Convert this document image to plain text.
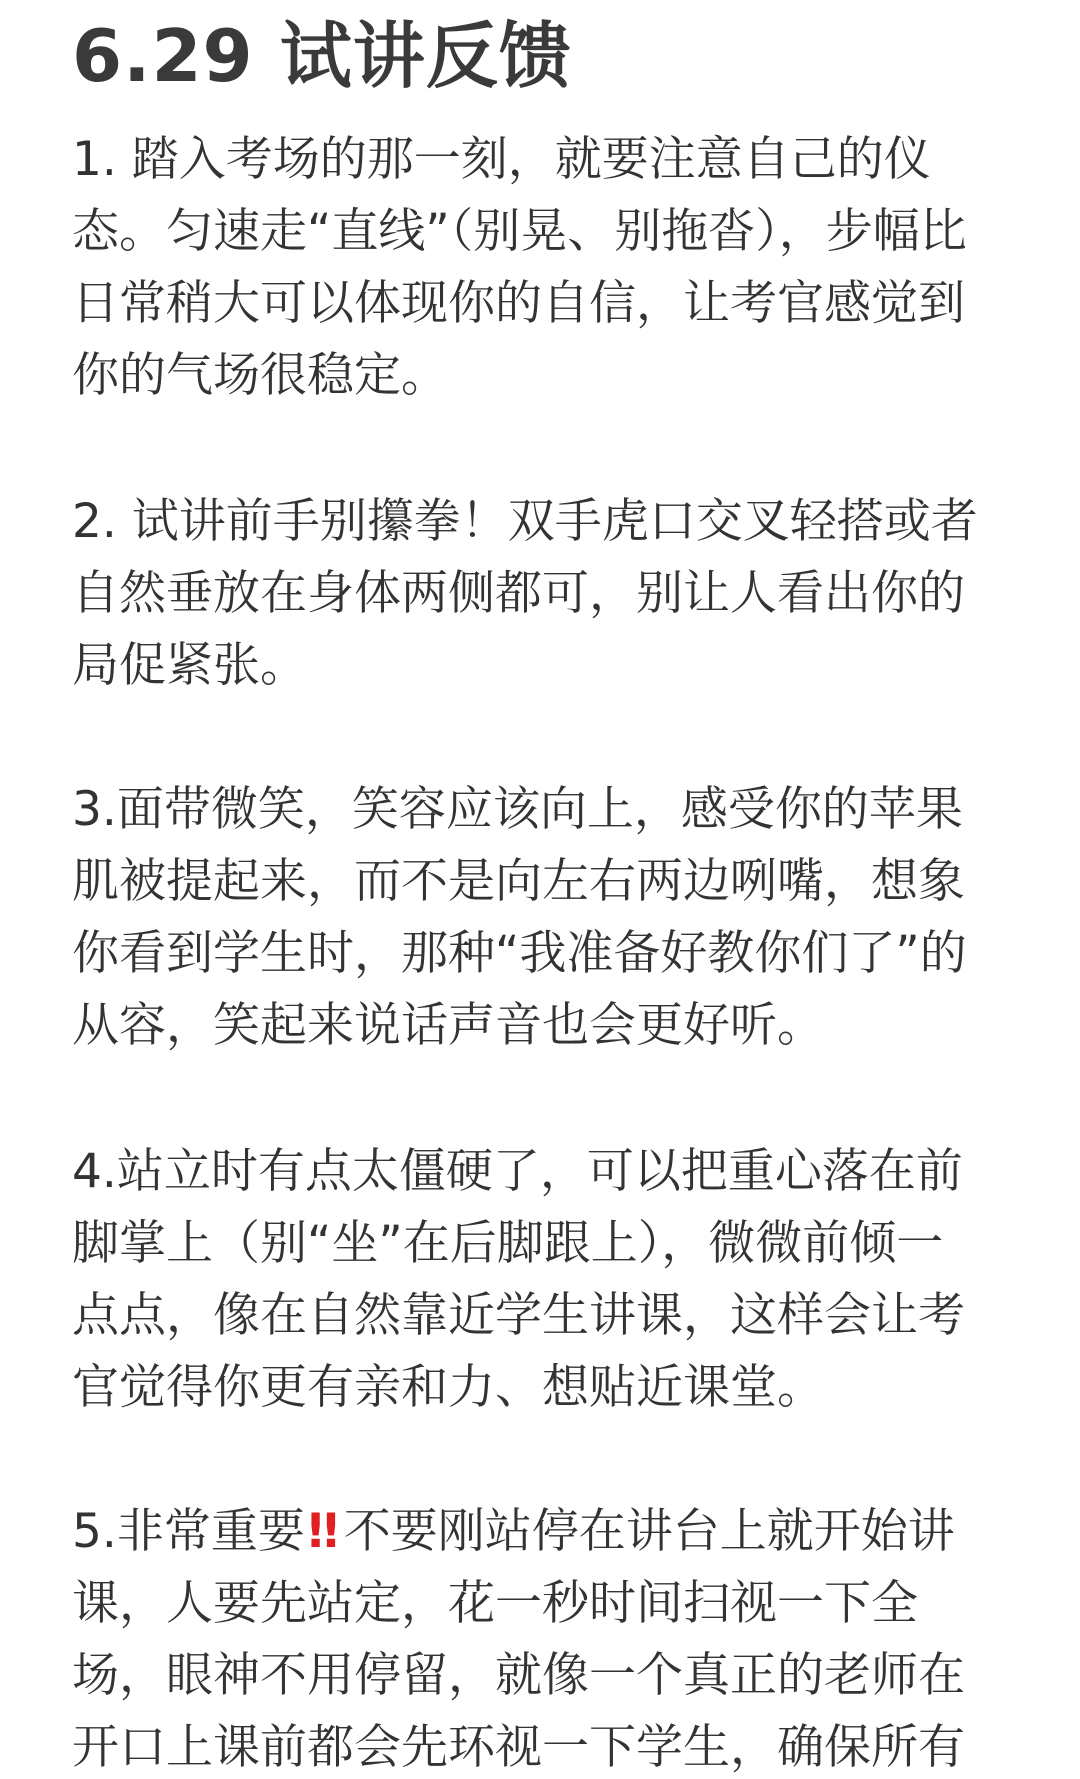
6.29 试讲反馈
1. 踏入考场的那一刻，就要注意自己的仪
态。匀速走“直线”（别晃、别拖沓），步幅比
日常稍大可以体现你的自信，让考官感觉到
你的气场很稳定。
2. 试讲前手别攥拳！双手虎口交叉轻搭或者
自然垂放在身体两侧都可，别让人看出你的
局促紧张。
3.面带微笑，笑容应该向上，感受你的苹果
肌被提起来，而不是向左右两边咧嘴，想象
你看到学生时，那种“我准备好教你们了”的
从容，笑起来说话声音也会更好听。
4.站立时有点太僵硬了，可以把重心落在前
脚掌上（别“坐”在后脚跟上），微微前倾一
点点，像在自然靠近学生讲课，这样会让考
官觉得你更有亲和力、想贴近课堂。
5.非常重要!! 不要刚站停在讲台上就开始讲
课，人要先站定，花一秒时间扫视一下全
场，眼神不用停留，就像一个真正的老师在
开口上课前都会先环视一下学生，确保所有
